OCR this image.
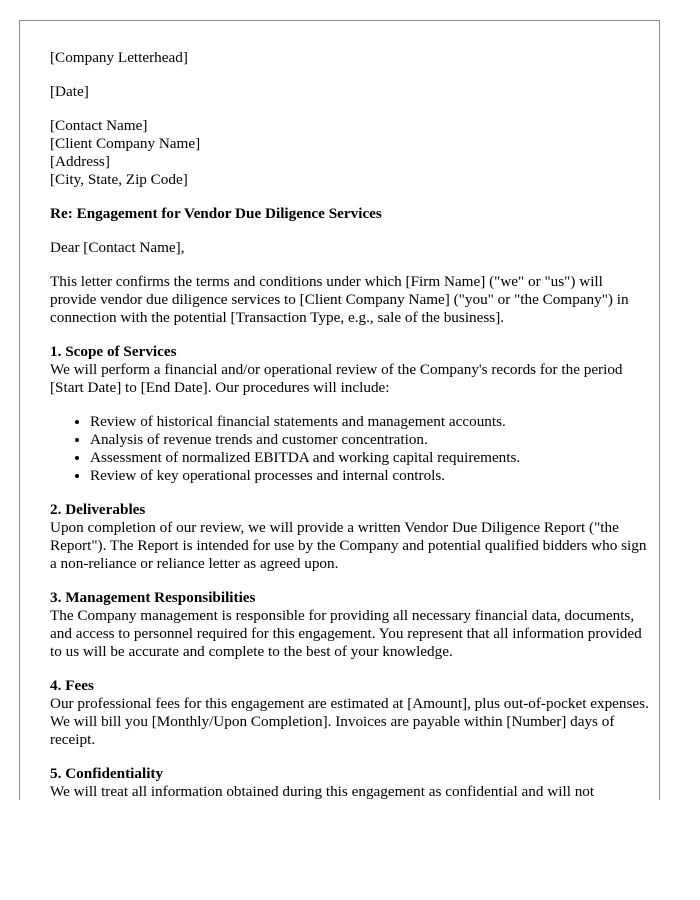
[Company Letterhead]

[Date]

[Contact Name]
[Client Company Name]
[Address]
[City, State, Zip Code]

Re: Engagement for Vendor Due Diligence Services

Dear [Contact Name],

This letter confirms the terms and conditions under which [Firm Name] ("we" or "us") will provide vendor due diligence services to [Client Company Name] ("you" or "the Company") in connection with the potential [Transaction Type, e.g., sale of the business].

1. Scope of Services
We will perform a financial and/or operational review of the Company's records for the period [Start Date] to [End Date]. Our procedures will include:

• Review of historical financial statements and management accounts.
• Analysis of revenue trends and customer concentration.
• Assessment of normalized EBITDA and working capital requirements.
• Review of key operational processes and internal controls.

2. Deliverables
Upon completion of our review, we will provide a written Vendor Due Diligence Report ("the Report"). The Report is intended for use by the Company and potential qualified bidders who sign a non-reliance or reliance letter as agreed upon.

3. Management Responsibilities
The Company management is responsible for providing all necessary financial data, documents, and access to personnel required for this engagement. You represent that all information provided to us will be accurate and complete to the best of your knowledge.

4. Fees
Our professional fees for this engagement are estimated at [Amount], plus out-of-pocket expenses. We will bill you [Monthly/Upon Completion]. Invoices are payable within [Number] days of receipt.

5. Confidentiality
We will treat all information obtained during this engagement as confidential and will not
